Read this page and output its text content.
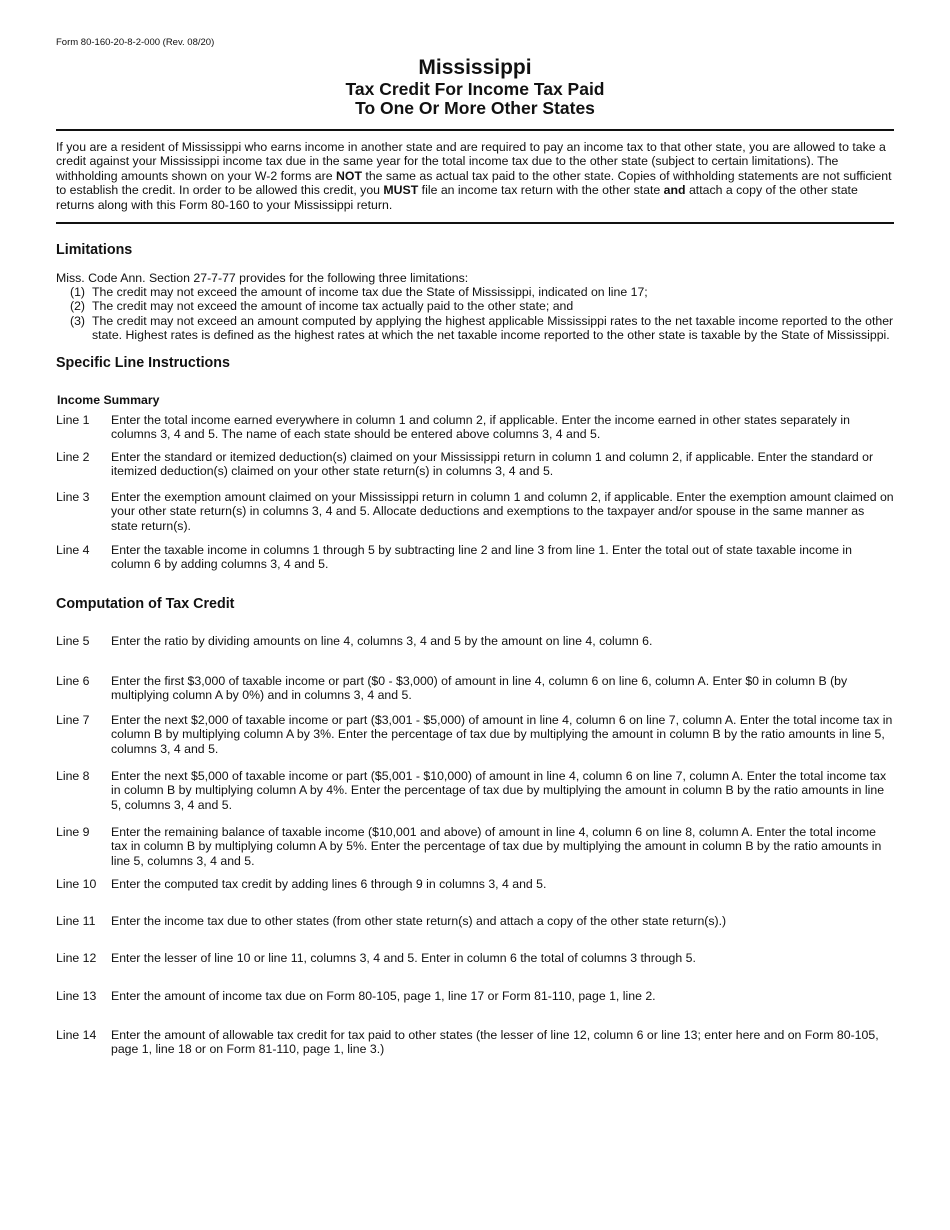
Form 80-160-20-8-2-000 (Rev. 08/20)
Mississippi
Tax Credit For Income Tax Paid
To One Or More Other States
If you are a resident of Mississippi who earns income in another state and are required to pay an income tax to that other state, you are allowed to take a credit against your Mississippi income tax due in the same year for the total income tax due to the other state (subject to certain limitations). The withholding amounts shown on your W-2 forms are NOT the same as actual tax paid to the other state. Copies of withholding statements are not sufficient to establish the credit. In order to be allowed this credit, you MUST file an income tax return with the other state and attach a copy of the other state returns along with this Form 80-160 to your Mississippi return.
Limitations
Miss. Code Ann. Section 27-7-77 provides for the following three limitations:
(1) The credit may not exceed the amount of income tax due the State of Mississippi, indicated on line 17;
(2) The credit may not exceed the amount of income tax actually paid to the other state; and
(3) The credit may not exceed an amount computed by applying the highest applicable Mississippi rates to the net taxable income reported to the other state. Highest rates is defined as the highest rates at which the net taxable income reported to the other state is taxable by the State of Mississippi.
Specific Line Instructions
Income Summary
Line 1	Enter the total income earned everywhere in column 1 and column 2, if applicable. Enter the income earned in other states separately in columns 3, 4 and 5. The name of each state should be entered above columns 3, 4 and 5.
Line 2	Enter the standard or itemized deduction(s) claimed on your Mississippi return in column 1 and column 2, if applicable. Enter the standard or itemized deduction(s) claimed on your other state return(s) in columns 3, 4 and 5.
Line 3	Enter the exemption amount claimed on your Mississippi return in column 1 and column 2, if applicable. Enter the exemption amount claimed on your other state return(s) in columns 3, 4 and 5. Allocate deductions and exemptions to the taxpayer and/or spouse in the same manner as state return(s).
Line 4	Enter the taxable income in columns 1 through 5 by subtracting line 2 and line 3 from line 1. Enter the total out of state taxable income in column 6 by adding columns 3, 4 and 5.
Computation of Tax Credit
Line 5	Enter the ratio by dividing amounts on line 4, columns 3, 4 and 5 by the amount on line 4, column 6.
Line 6	Enter the first $3,000 of taxable income or part ($0 - $3,000) of amount in line 4, column 6 on line 6, column A. Enter $0 in column B (by multiplying column A by 0%) and in columns 3, 4 and 5.
Line 7	Enter the next $2,000 of taxable income or part ($3,001 - $5,000) of amount in line 4, column 6 on line 7, column A. Enter the total income tax in column B by multiplying column A by 3%. Enter the percentage of tax due by multiplying the amount in column B by the ratio amounts in line 5, columns 3, 4 and 5.
Line 8	Enter the next $5,000 of taxable income or part ($5,001 - $10,000) of amount in line 4, column 6 on line 7, column A. Enter the total income tax in column B by multiplying column A by 4%. Enter the percentage of tax due by multiplying the amount in column B by the ratio amounts in line 5, columns 3, 4 and 5.
Line 9	Enter the remaining balance of taxable income ($10,001 and above) of amount in line 4, column 6 on line 8, column A. Enter the total income tax in column B by multiplying column A by 5%. Enter the percentage of tax due by multiplying the amount in column B by the ratio amounts in line 5, columns 3, 4 and 5.
Line 10	Enter the computed tax credit by adding lines 6 through 9 in columns 3, 4 and 5.
Line 11	Enter the income tax due to other states (from other state return(s) and attach a copy of the other state return(s).)
Line 12	Enter the lesser of line 10 or line 11, columns 3, 4 and 5. Enter in column 6 the total of columns 3 through 5.
Line 13	Enter the amount of income tax due on Form 80-105, page 1, line 17 or Form 81-110, page 1, line 2.
Line 14	Enter the amount of allowable tax credit for tax paid to other states (the lesser of line 12, column 6 or line 13; enter here and on Form 80-105, page 1, line 18 or on Form 81-110, page 1, line 3.)
